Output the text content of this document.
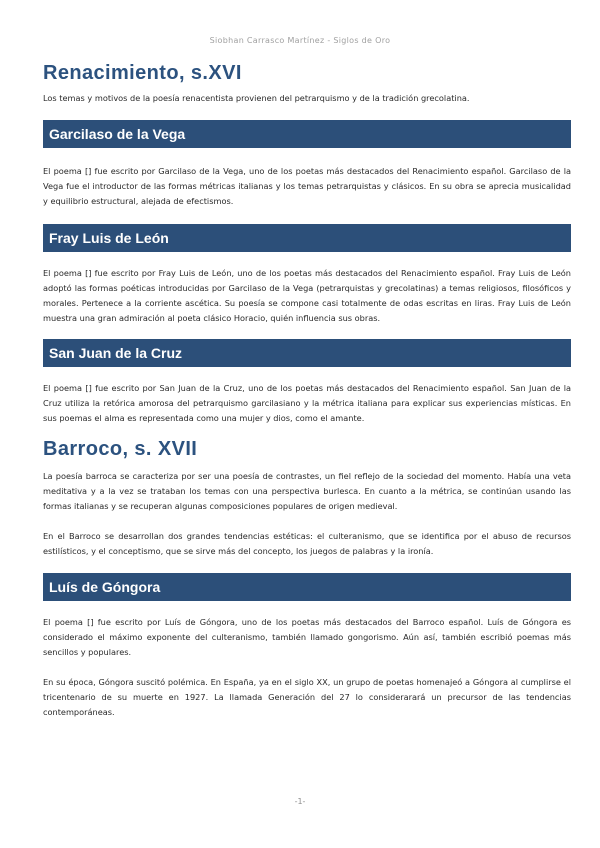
Siobhan Carrasco Martínez - Siglos de Oro
Renacimiento, s.XVI

Los temas y motivos de la poesía renacentista provienen del petrarquismo y de la tradición grecolatina.

Garcilaso de la Vega

El poema [] fue escrito por Garcilaso de la Vega, uno de los poetas más destacados del Renacimiento español. Garcilaso de la Vega fue el introductor de las formas métricas italianas y los temas petrarquistas y clásicos. En su obra se aprecia musicalidad y equilibrio estructural, alejada de efectismos.

Fray Luis de León

El poema [] fue escrito por Fray Luis de León, uno de los poetas más destacados del Renacimiento español. Fray Luis de León adoptó las formas poéticas introducidas por Garcilaso de la Vega (petrarquistas y grecolatinas) a temas religiosos, filosóficos y morales. Pertenece a la corriente ascética. Su poesía se compone casi totalmente de odas escritas en liras. Fray Luis de León muestra una gran admiración al poeta clásico Horacio, quién influencia sus obras.

San Juan de la Cruz

El poema [] fue escrito por San Juan de la Cruz, uno de los poetas más destacados del Renacimiento español. San Juan de la Cruz utiliza la retórica amorosa del petrarquismo garcilasiano y la métrica italiana para explicar sus experiencias místicas. En sus poemas el alma es representada como una mujer y dios, como el amante.

Barroco, s. XVII

La poesía barroca se caracteriza por ser una poesía de contrastes, un fiel reflejo de la sociedad del momento. Había una veta meditativa y a la vez se trataban los temas con una perspectiva burlesca. En cuanto a la métrica, se continúan usando las formas italianas y se recuperan algunas composiciones populares de origen medieval.

En el Barroco se desarrollan dos grandes tendencias estéticas: el culteranismo, que se identifica por el abuso de recursos estilísticos, y el conceptismo, que se sirve más del concepto, los juegos de palabras y la ironía.

Luís de Góngora

El poema [] fue escrito por Luís de Góngora, uno de los poetas más destacados del Barroco español. Luís de Góngora es considerado el máximo exponente del culteranismo, también llamado gongorismo. Aún así, también escribió poemas más sencillos y populares.

En su época, Góngora suscitó polémica. En España, ya en el siglo XX, un grupo de poetas homenajeó a Góngora al cumplirse el tricentenario de su muerte en 1927. La llamada Generación del 27 lo considerarará un precursor de las tendencias contemporáneas.

-1-
